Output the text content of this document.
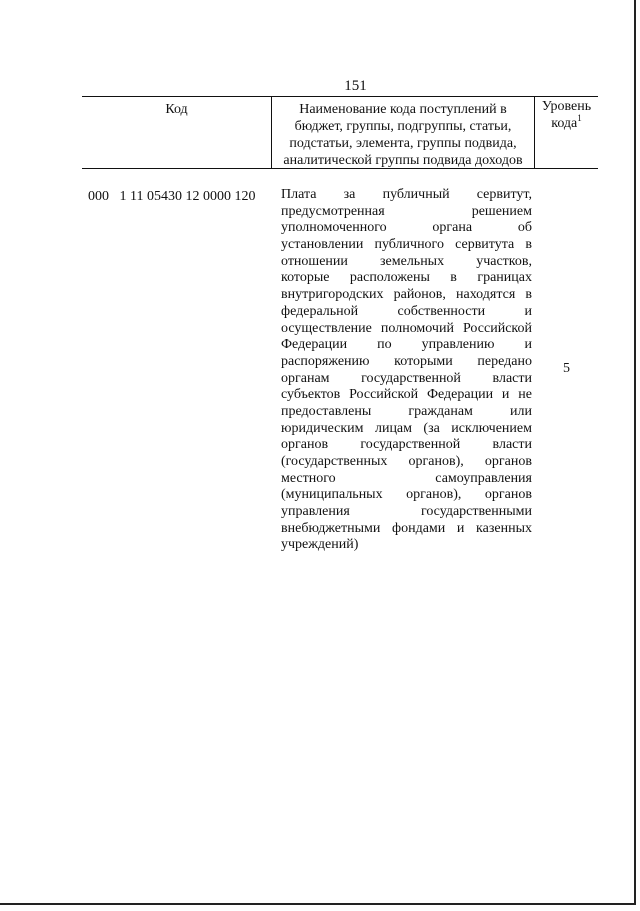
151
Код	Наименование кода поступлений в бюджет, группы, подгруппы, статьи, подстатьи, элемента, группы подвида, аналитической группы подвида доходов
Уровень кода$^1$
000 1 11 05430 12 0000 120 Плата за публичный сервитут,
предусмотренная решением
уполномоченного органа об
установлении публичного сервитута в
отношении земельных участков,
которые расположены в границах
внутригородских районов, находятся в
федеральной собственности и
осуществление полномочий Российской
Федерации по управлению и
распоряжению которыми передано
органам государственной власти
субъектов Российской Федерации и не
предоставлены гражданам или
юридическим лицам (за исключением
органов государственной власти
(государственных органов), органов
местного самоуправления
(муниципальных органов), органов
управления государственными
внебюджетными фондами и казенных
учреждений)
5
